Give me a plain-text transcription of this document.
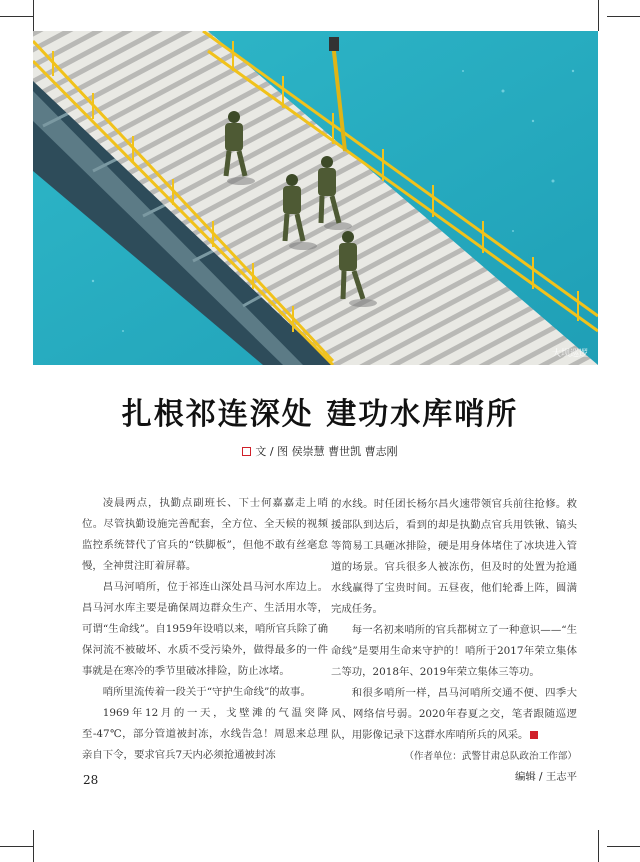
大坝巡逻
扎根祁连深处 建功水库哨所
文 / 图 侯崇慧 曹世凯 曹志刚

凌晨两点，执勤点副班长、下士何嘉嘉走上哨位。尽管执勤设施完善配套，全方位、全天候的视频监控系统替代了官兵的“铁脚板”，但他不敢有丝毫怠慢，全神贯注盯着屏幕。

昌马河哨所，位于祁连山深处昌马河水库边上。昌马河水库主要是确保周边群众生产、生活用水等，可谓“生命线”。自1959年设哨以来，哨所官兵除了确保河流不被破坏、水质不受污染外，做得最多的一件事就是在寒冷的季节里破冰排险，防止冰堵。

哨所里流传着一段关于“守护生命线”的故事。

1969年12月的一天，戈壁滩的气温突降至-47℃，部分管道被封冻，水线告急！周恩来总理亲自下令，要求官兵7天内必须抢通被封冻

的水线。时任团长杨尔昌火速带领官兵前往抢修。救援部队到达后，看到的却是执勤点官兵用铁锹、镐头等简易工具砸冰排险，硬是用身体堵住了冰块进入管道的场景。官兵很多人被冻伤，但及时的处置为抢通水线赢得了宝贵时间。五昼夜，他们轮番上阵，圆满完成任务。

每一名初来哨所的官兵都树立了一种意识——“生命线”是要用生命来守护的！哨所于2017年荣立集体二等功，2018年、2019年荣立集体三等功。

和很多哨所一样，昌马河哨所交通不便、四季大风、网络信号弱。2020年春夏之交，笔者跟随巡逻队，用影像记录下这群水库哨所兵的风采。

（作者单位：武警甘肃总队政治工作部）
编辑 / 王志平
28
